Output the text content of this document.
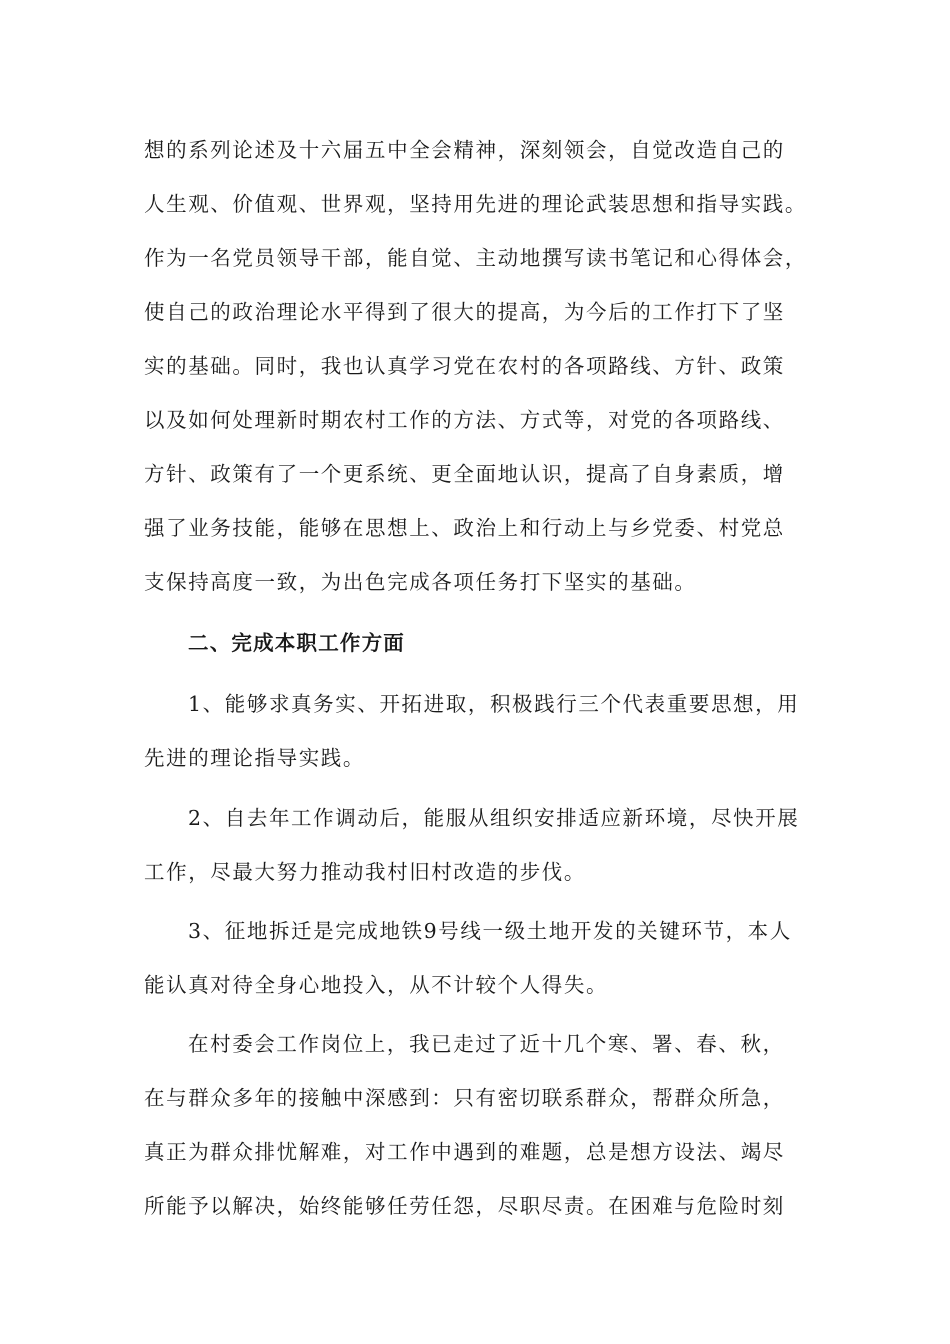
想的系列论述及十六届五中全会精神，深刻领会，自觉改造自己的

人生观、价值观、世界观，坚持用先进的理论武装思想和指导实践。

作为一名党员领导干部，能自觉、主动地撰写读书笔记和心得体会，

使自己的政治理论水平得到了很大的提高，为今后的工作打下了坚

实的基础。同时，我也认真学习党在农村的各项路线、方针、政策

以及如何处理新时期农村工作的方法、方式等，对党的各项路线、

方针、政策有了一个更系统、更全面地认识，提高了自身素质，增

强了业务技能，能够在思想上、政治上和行动上与乡党委、村党总

支保持高度一致，为出色完成各项任务打下坚实的基础。

二、完成本职工作方面

1、能够求真务实、开拓进取，积极践行三个代表重要思想，用

先进的理论指导实践。

2、自去年工作调动后，能服从组织安排适应新环境，尽快开展

工作，尽最大努力推动我村旧村改造的步伐。

3、征地拆迁是完成地铁9号线一级土地开发的关键环节，本人

能认真对待全身心地投入，从不计较个人得失。

在村委会工作岗位上，我已走过了近十几个寒、署、春、秋，

在与群众多年的接触中深感到：只有密切联系群众，帮群众所急，

真正为群众排忧解难，对工作中遇到的难题，总是想方设法、竭尽

所能予以解决，始终能够任劳任怨，尽职尽责。在困难与危险时刻
